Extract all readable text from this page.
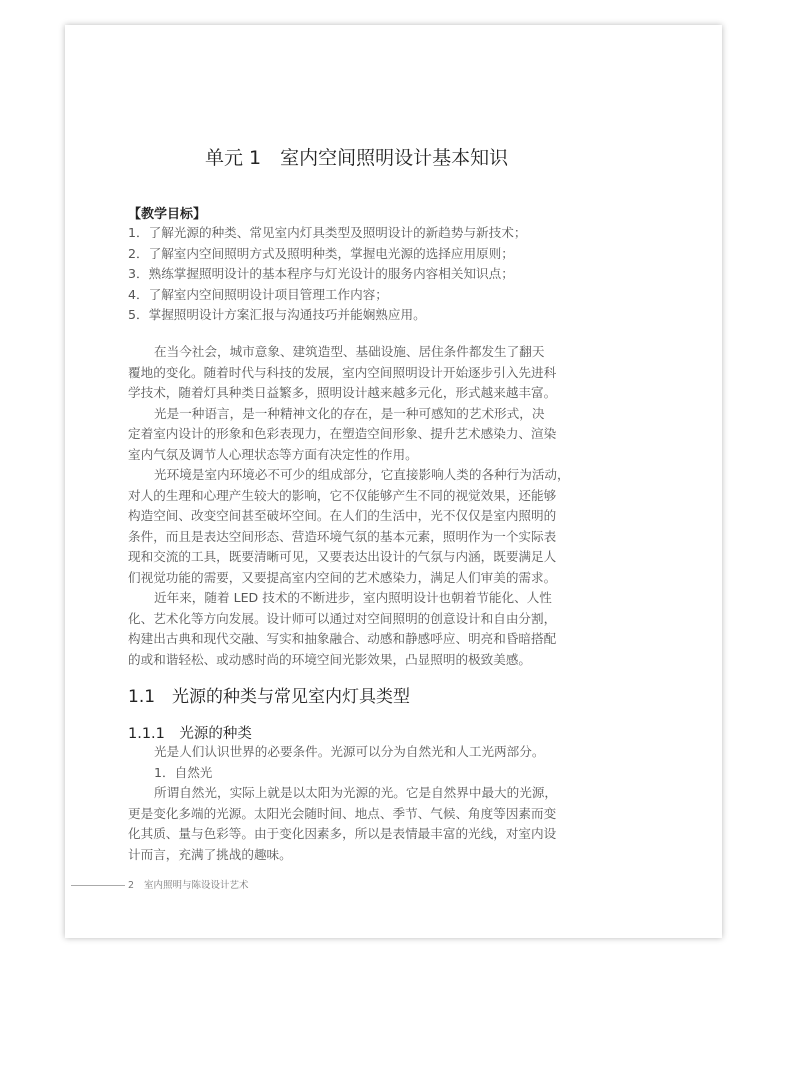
单元 1　室内空间照明设计基本知识
【教学目标】
1．了解光源的种类、常见室内灯具类型及照明设计的新趋势与新技术；
2．了解室内空间照明方式及照明种类，掌握电光源的选择应用原则；
3．熟练掌握照明设计的基本程序与灯光设计的服务内容相关知识点；
4．了解室内空间照明设计项目管理工作内容；
5．掌握照明设计方案汇报与沟通技巧并能娴熟应用。
在当今社会，城市意象、建筑造型、基础设施、居住条件都发生了翻天
覆地的变化。随着时代与科技的发展，室内空间照明设计开始逐步引入先进科
学技术，随着灯具种类日益繁多，照明设计越来越多元化，形式越来越丰富。
光是一种语言，是一种精神文化的存在，是一种可感知的艺术形式，决
定着室内设计的形象和色彩表现力，在塑造空间形象、提升艺术感染力、渲染
室内气氛及调节人心理状态等方面有决定性的作用。
光环境是室内环境必不可少的组成部分，它直接影响人类的各种行为活动，
对人的生理和心理产生较大的影响，它不仅能够产生不同的视觉效果，还能够
构造空间、改变空间甚至破坏空间。在人们的生活中，光不仅仅是室内照明的
条件，而且是表达空间形态、营造环境气氛的基本元素，照明作为一个实际表
现和交流的工具，既要清晰可见，又要表达出设计的气氛与内涵，既要满足人
们视觉功能的需要，又要提高室内空间的艺术感染力，满足人们审美的需求。
近年来，随着 LED 技术的不断进步，室内照明设计也朝着节能化、人性
化、艺术化等方向发展。设计师可以通过对空间照明的创意设计和自由分割，
构建出古典和现代交融、写实和抽象融合、动感和静感呼应、明亮和昏暗搭配
的或和谐轻松、或动感时尚的环境空间光影效果，凸显照明的极致美感。
1.1　光源的种类与常见室内灯具类型
1.1.1　光源的种类
光是人们认识世界的必要条件。光源可以分为自然光和人工光两部分。
1．自然光
所谓自然光，实际上就是以太阳为光源的光。它是自然界中最大的光源，
更是变化多端的光源。太阳光会随时间、地点、季节、气候、角度等因素而变
化其质、量与色彩等。由于变化因素多，所以是表情最丰富的光线，对室内设
计而言，充满了挑战的趣味。
2 室内照明与陈设设计艺术
